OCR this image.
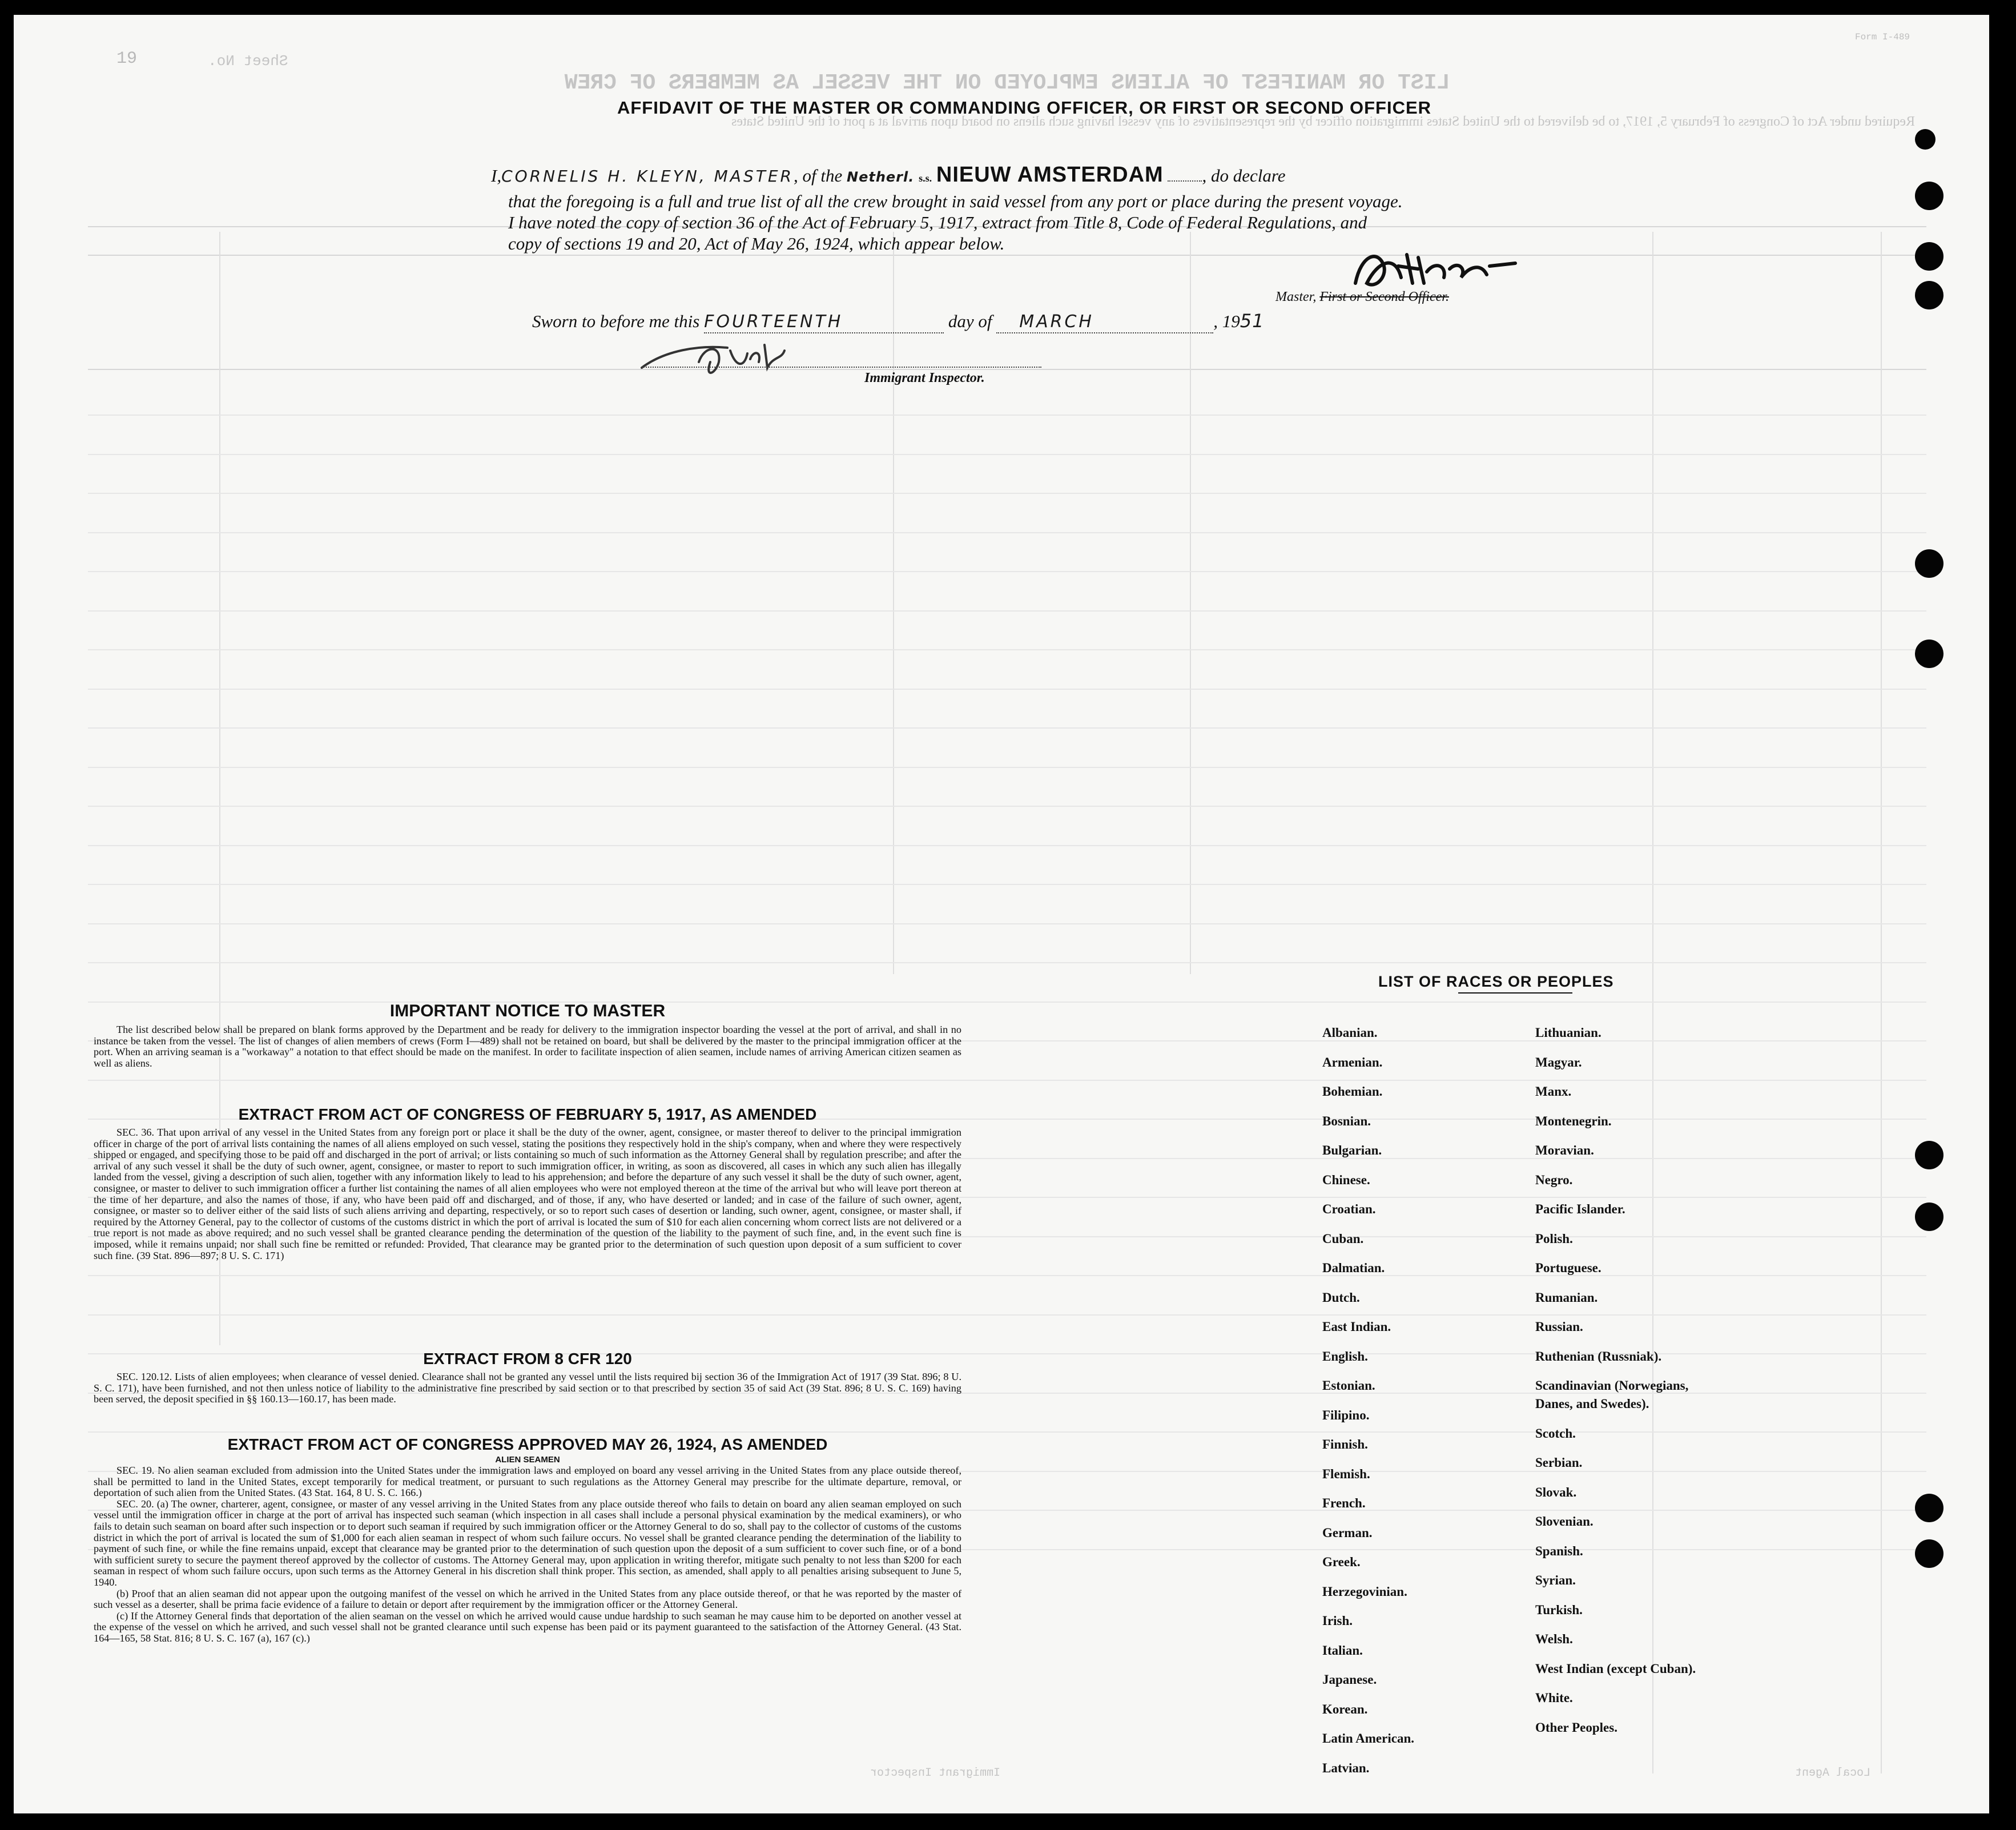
LIST OR MANIFEST OF ALIENS EMPLOYED ON THE VESSEL AS MEMBERS OF CREW
Required under Act of Congress of February 5, 1917, to be delivered to the United States immigration officer by the representatives of any vessel having such aliens on board upon arrival at a port of the United States
Form I-489
Sheet No.
19
AFFIDAVIT OF THE MASTER OR COMMANDING OFFICER, OR FIRST OR SECOND OFFICER
I,CORNELIS H. KLEYN, MASTER, of the Netherl. s.s. NIEUW AMSTERDAM , do declare
that the foregoing is a full and true list of all the crew brought in said vessel from any port or place during the present voyage.
I have noted the copy of section 36 of the Act of February 5, 1917, extract from Title 8, Code of Federal Regulations, and
copy of sections 19 and 20, Act of May 26, 1924, which appear below.
Master, First or Second Officer.
Sworn to before me this FOURTEENTH	day of MARCH	, 1951
Immigrant Inspector.
IMPORTANT NOTICE TO MASTER

The list described below shall be prepared on blank forms approved by the Department and be ready for delivery to the immigration inspector boarding the vessel at the port of arrival, and shall in no instance be taken from the vessel. The list of changes of alien members of crews (Form I—489) shall not be retained on board, but shall be delivered by the master to the principal immigration officer at the port. When an arriving seaman is a "workaway" a notation to that effect should be made on the manifest. In order to facilitate inspection of alien seamen, include names of arriving American citizen seamen as well as aliens.

EXTRACT FROM ACT OF CONGRESS OF FEBRUARY 5, 1917, AS AMENDED

SEC. 36. That upon arrival of any vessel in the United States from any foreign port or place it shall be the duty of the owner, agent, consignee, or master thereof to deliver to the principal immigration officer in charge of the port of arrival lists containing the names of all aliens employed on such vessel, stating the positions they respectively hold in the ship's company, when and where they were respectively shipped or engaged, and specifying those to be paid off and discharged in the port of arrival; or lists containing so much of such information as the Attorney General shall by regulation prescribe; and after the arrival of any such vessel it shall be the duty of such owner, agent, consignee, or master to report to such immigration officer, in writing, as soon as discovered, all cases in which any such alien has illegally landed from the vessel, giving a description of such alien, together with any information likely to lead to his apprehension; and before the departure of any such vessel it shall be the duty of such owner, agent, consignee, or master to deliver to such immigration officer a further list containing the names of all alien employees who were not employed thereon at the time of the arrival but who will leave port thereon at the time of her departure, and also the names of those, if any, who have been paid off and discharged, and of those, if any, who have deserted or landed; and in case of the failure of such owner, agent, consignee, or master so to deliver either of the said lists of such aliens arriving and departing, respectively, or so to report such cases of desertion or landing, such owner, agent, consignee, or master shall, if required by the Attorney General, pay to the collector of customs of the customs district in which the port of arrival is located the sum of $10 for each alien concerning whom correct lists are not delivered or a true report is not made as above required; and no such vessel shall be granted clearance pending the determination of the question of the liability to the payment of such fine, and, in the event such fine is imposed, while it remains unpaid; nor shall such fine be remitted or refunded: Provided, That clearance may be granted prior to the determination of such question upon deposit of a sum sufficient to cover such fine. (39 Stat. 896—897; 8 U. S. C. 171)

EXTRACT FROM 8 CFR 120

SEC. 120.12. Lists of alien employees; when clearance of vessel denied. Clearance shall not be granted any vessel until the lists required bij section 36 of the Immigration Act of 1917 (39 Stat. 896; 8 U. S. C. 171), have been furnished, and not then unless notice of liability to the administrative fine prescribed by said section or to that prescribed by section 35 of said Act (39 Stat. 896; 8 U. S. C. 169) having been served, the deposit specified in §§ 160.13—160.17, has been made.

EXTRACT FROM ACT OF CONGRESS APPROVED MAY 26, 1924, AS AMENDED
ALIEN SEAMEN

SEC. 19. No alien seaman excluded from admission into the United States under the immigration laws and employed on board any vessel arriving in the United States from any place outside thereof, shall be permitted to land in the United States, except temporarily for medical treatment, or pursuant to such regulations as the Attorney General may prescribe for the ultimate departure, removal, or deportation of such alien from the United States. (43 Stat. 164, 8 U. S. C. 166.)

SEC. 20. (a) The owner, charterer, agent, consignee, or master of any vessel arriving in the United States from any place outside thereof who fails to detain on board any alien seaman employed on such vessel until the immigration officer in charge at the port of arrival has inspected such seaman (which inspection in all cases shall include a personal physical examination by the medical examiners), or who fails to detain such seaman on board after such inspection or to deport such seaman if required by such immigration officer or the Attorney General to do so, shall pay to the collector of customs of the customs district in which the port of arrival is located the sum of $1,000 for each alien seaman in respect of whom such failure occurs. No vessel shall be granted clearance pending the determination of the liability to payment of such fine, or while the fine remains unpaid, except that clearance may be granted prior to the determination of such question upon the deposit of a sum sufficient to cover such fine, or of a bond with sufficient surety to secure the payment thereof approved by the collector of customs. The Attorney General may, upon application in writing therefor, mitigate such penalty to not less than $200 for each seaman in respect of whom such failure occurs, upon such terms as the Attorney General in his discretion shall think proper. This section, as amended, shall apply to all penalties arising subsequent to June 5, 1940.

(b) Proof that an alien seaman did not appear upon the outgoing manifest of the vessel on which he arrived in the United States from any place outside thereof, or that he was reported by the master of such vessel as a deserter, shall be prima facie evidence of a failure to detain or deport after requirement by the immigration officer or the Attorney General.

(c) If the Attorney General finds that deportation of the alien seaman on the vessel on which he arrived would cause undue hardship to such seaman he may cause him to be deported on another vessel at the expense of the vessel on which he arrived, and such vessel shall not be granted clearance until such expense has been paid or its payment guaranteed to the satisfaction of the Attorney General. (43 Stat. 164—165, 58 Stat. 816; 8 U. S. C. 167 (a), 167 (c).)

LIST OF RACES OR PEOPLES
Albanian.
Armenian.
Bohemian.
Bosnian.
Bulgarian.
Chinese.
Croatian.
Cuban.
Dalmatian.
Dutch.
East Indian.
English.
Estonian.
Filipino.
Finnish.
Flemish.
French.
German.
Greek.
Herzegovinian.
Irish.
Italian.
Japanese.
Korean.
Latin American.
Latvian.
Lithuanian.
Magyar.
Manx.
Montenegrin.
Moravian.
Negro.
Pacific Islander.
Polish.
Portuguese.
Rumanian.
Russian.
Ruthenian (Russniak).
Scandinavian (Norwegians,
Danes, and Swedes).
Scotch.
Serbian.
Slovak.
Slovenian.
Spanish.
Syrian.
Turkish.
Welsh.
West Indian (except Cuban).
White.
Other Peoples.
Immigrant Inspector	Local Agent
